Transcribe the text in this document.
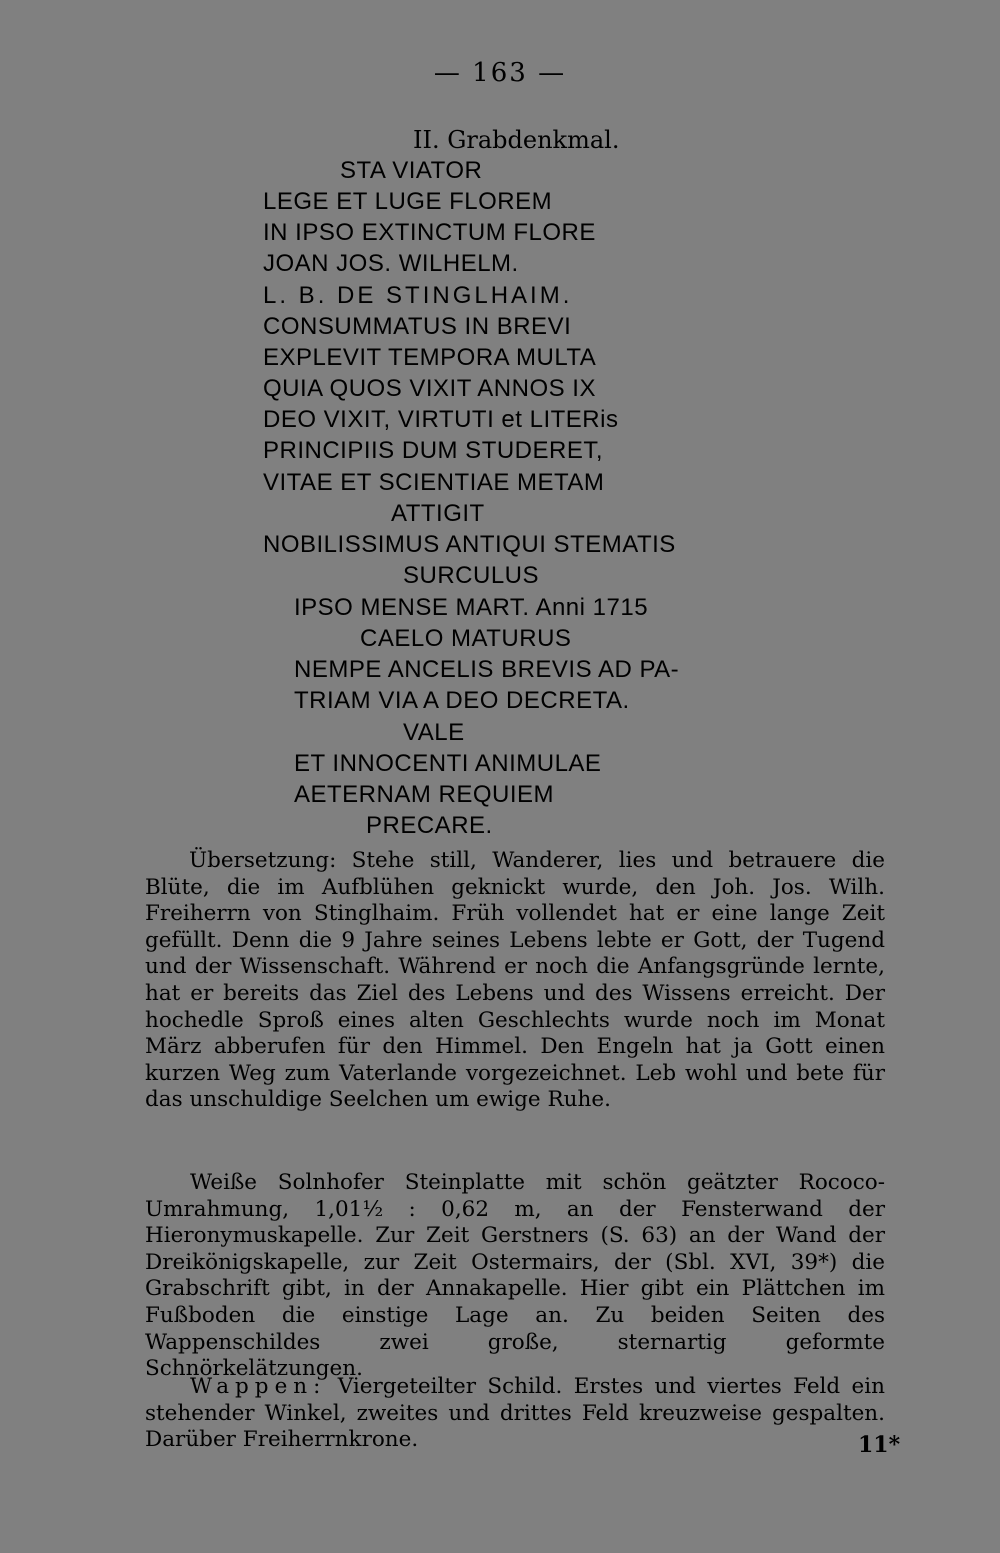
— 163 —
II. Grabdenkmal.
STA VIATOR
LEGE ET LUGE FLOREM
IN IPSO EXTINCTUM FLORE
JOAN JOS. WILHELM.
L. B. DE STINGLHAIM.
CONSUMMATUS IN BREVI
EXPLEVIT TEMPORA MULTA
QUIA QUOS VIXIT ANNOS IX
DEO VIXIT, VIRTUTI et LITERis
PRINCIPIIS DUM STUDERET,
VITAE ET SCIENTIAE METAM
ATTIGIT
NOBILISSIMUS ANTIQUI STEMATIS
SURCULUS
IPSO MENSE MART. Anni 1715
CAELO MATURUS
NEMPE ANCELIS BREVIS AD PA-
TRIAM VIA A DEO DECRETA.
VALE
ET INNOCENTI ANIMULAE
AETERNAM REQUIEM
PRECARE.
Übersetzung: Stehe still, Wanderer, lies und betrauere die Blüte, die im Aufblühen geknickt wurde, den Joh. Jos. Wilh. Freiherrn von Stinglhaim. Früh vollendet hat er eine lange Zeit gefüllt. Denn die 9 Jahre seines Lebens lebte er Gott, der Tugend und der Wissenschaft. Während er noch die Anfangsgründe lernte, hat er bereits das Ziel des Lebens und des Wissens erreicht. Der hochedle Sproß eines alten Geschlechts wurde noch im Monat März abberufen für den Himmel. Den Engeln hat ja Gott einen kurzen Weg zum Vaterlande vorgezeichnet. Leb wohl und bete für das unschuldige Seelchen um ewige Ruhe.
Weiße Solnhofer Steinplatte mit schön geätzter Rococo-Umrahmung, 1,01½ : 0,62 m, an der Fensterwand der Hieronymuskapelle. Zur Zeit Gerstners (S. 63) an der Wand der Dreikönigskapelle, zur Zeit Ostermairs, der (Sbl. XVI, 39*) die Grabschrift gibt, in der Annakapelle. Hier gibt ein Plättchen im Fußboden die einstige Lage an. Zu beiden Seiten des Wappenschildes zwei große, sternartig geformte Schnörkelätzungen.
Wappen: Viergeteilter Schild. Erstes und viertes Feld ein stehender Winkel, zweites und drittes Feld kreuzweise gespalten. Darüber Freiherrnkrone.	11*
